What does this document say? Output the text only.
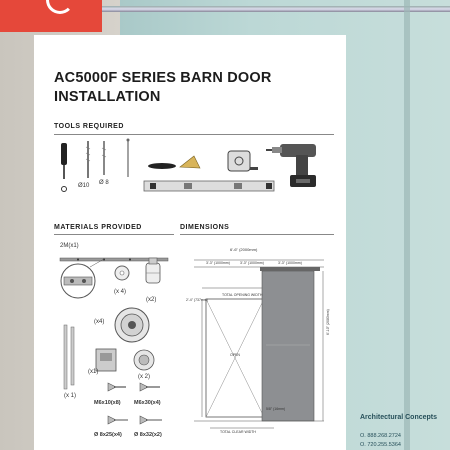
AC5000F SERIES BARN DOOR
INSTALLATION
TOOLS REQUIRED
Ø10 Ø 8
MATERIALS PROVIDED
2M(x1)
(x 4)
(x2)
(x4)
(x1)
(x 2)
(x 1)
M6x10(x8) M6x30(x4)
Ø 8x25(x4) Ø 8x32(x2)
DIMENSIONS
6'-6" (2000mm)
3'-3" (1000mm)	3'-3" (1000mm)	3'-3" (1000mm)
TOTAL OPENING WIDTH
2'-4" (737mm)
OPEN
6'-10" (2083mm)
TOTAL CLEAR WIDTH
5/8" (16mm)
Architectural Concepts
O. 888.268.2724
O. 720.255.5364
